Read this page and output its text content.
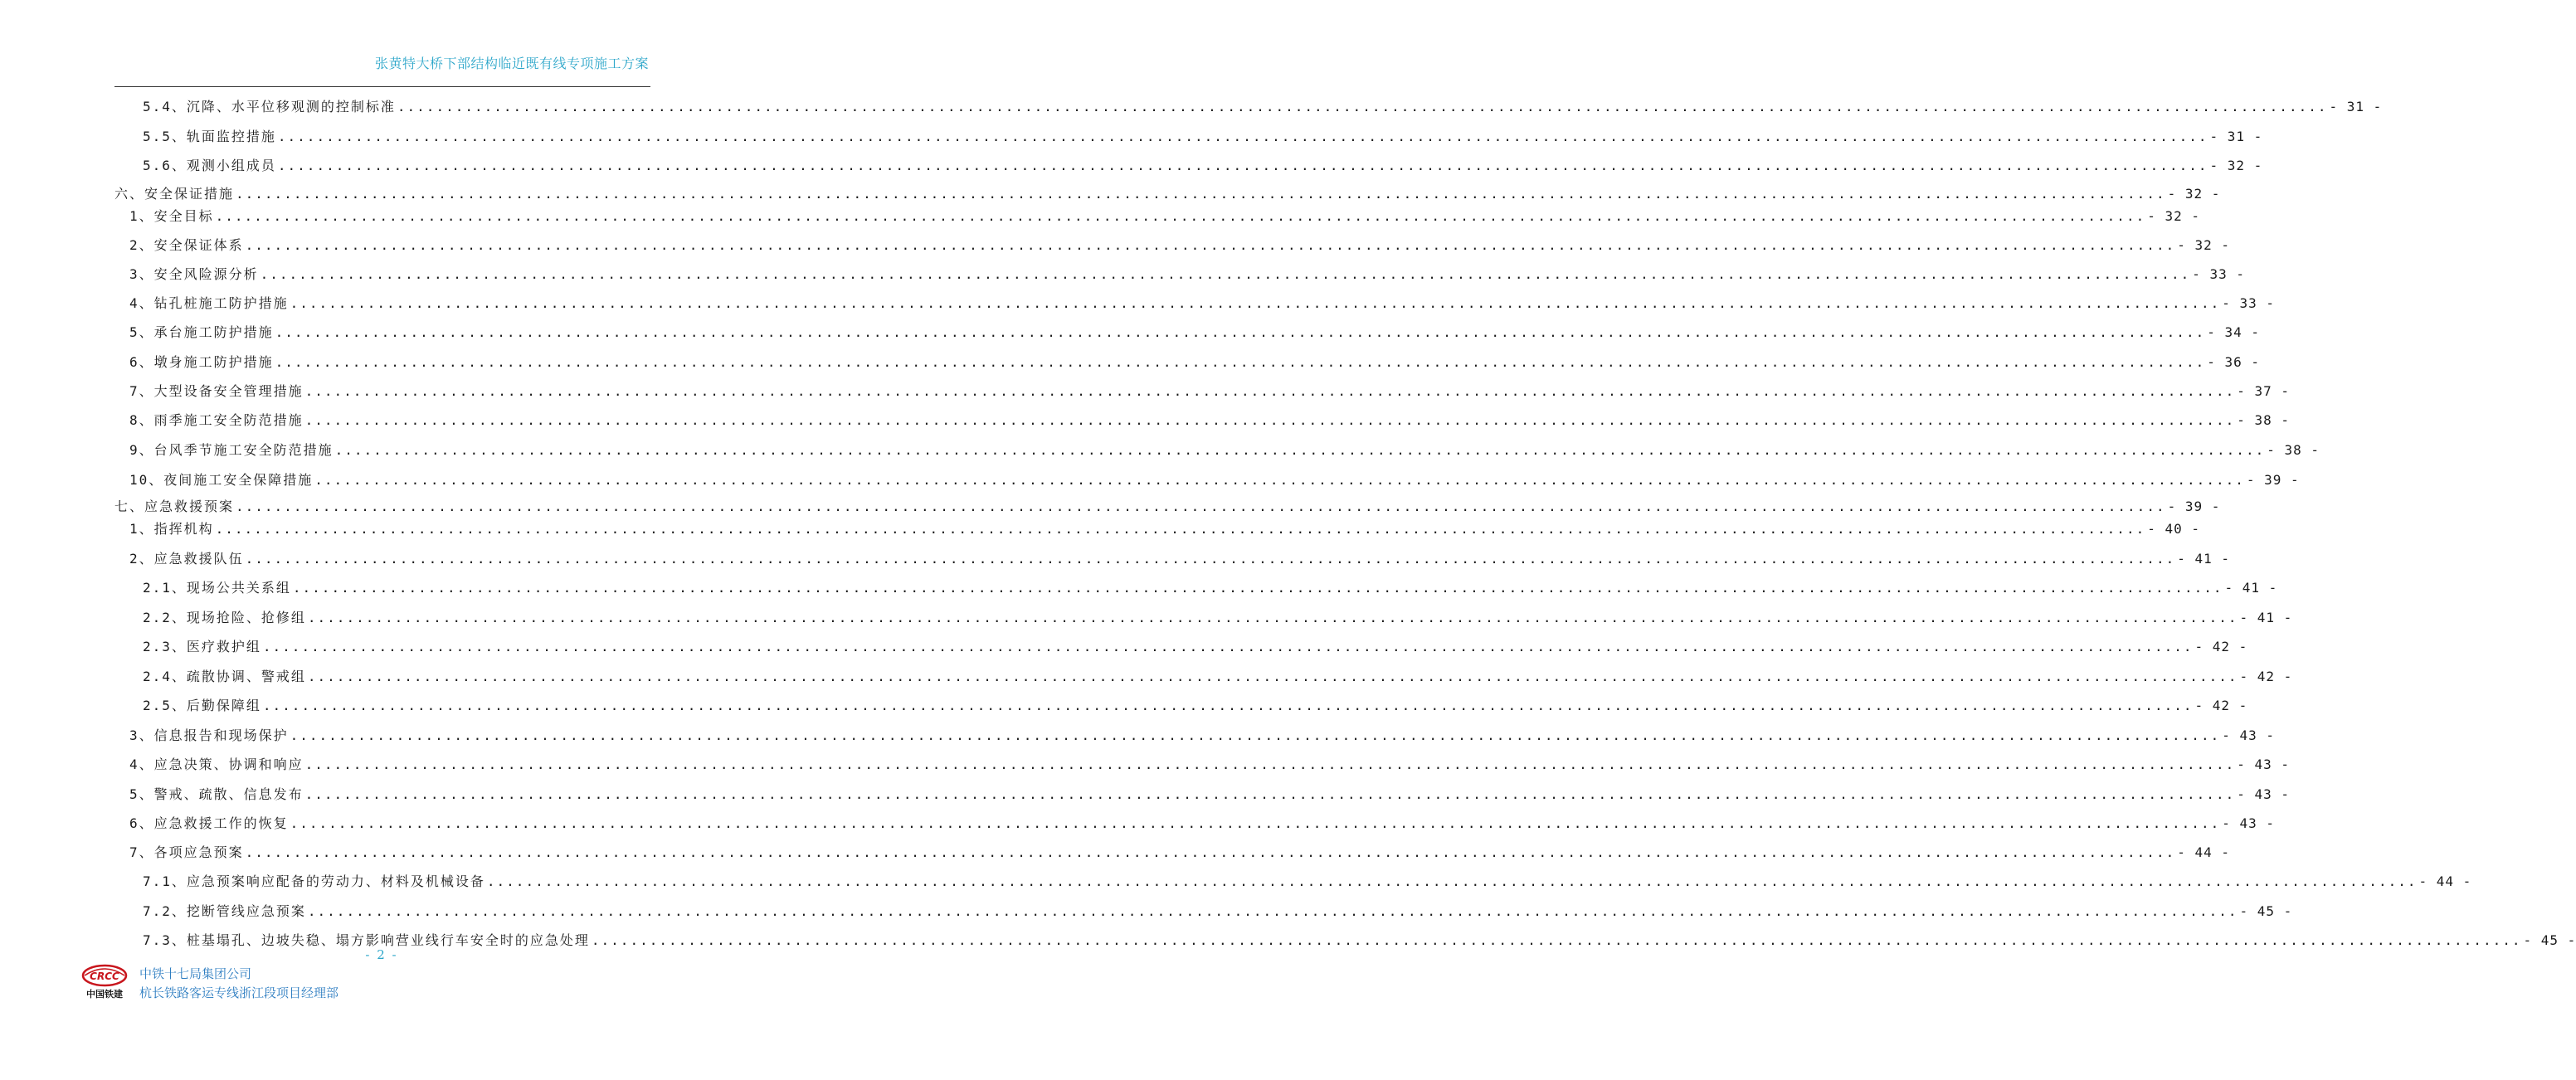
张黄特大桥下部结构临近既有线专项施工方案
5.4、沉降、水平位移观测的控制标准 ........................................................................................................................................................................................................ - 31 -
5.5、轨面监控措施 ........................................................................................................................................................................................................ - 31 -
5.6、观测小组成员 ........................................................................................................................................................................................................ - 32 -
六、安全保证措施 ........................................................................................................................................................................................................ - 32 -
1、安全目标 ........................................................................................................................................................................................................ - 32 -
2、安全保证体系 ........................................................................................................................................................................................................ - 32 -
3、安全风险源分析 ........................................................................................................................................................................................................ - 33 -
4、钻孔桩施工防护措施 ........................................................................................................................................................................................................ - 33 -
5、承台施工防护措施 ........................................................................................................................................................................................................ - 34 -
6、墩身施工防护措施 ........................................................................................................................................................................................................ - 36 -
7、大型设备安全管理措施 ........................................................................................................................................................................................................ - 37 -
8、雨季施工安全防范措施 ........................................................................................................................................................................................................ - 38 -
9、台风季节施工安全防范措施 ........................................................................................................................................................................................................ - 38 -
10、夜间施工安全保障措施 ........................................................................................................................................................................................................ - 39 -
七、应急救援预案 ........................................................................................................................................................................................................ - 39 -
1、指挥机构 ........................................................................................................................................................................................................ - 40 -
2、应急救援队伍 ........................................................................................................................................................................................................ - 41 -
2.1、现场公共关系组 ........................................................................................................................................................................................................ - 41 -
2.2、现场抢险、抢修组 ........................................................................................................................................................................................................ - 41 -
2.3、医疗救护组 ........................................................................................................................................................................................................ - 42 -
2.4、疏散协调、警戒组 ........................................................................................................................................................................................................ - 42 -
2.5、后勤保障组 ........................................................................................................................................................................................................ - 42 -
3、信息报告和现场保护 ........................................................................................................................................................................................................ - 43 -
4、应急决策、协调和响应 ........................................................................................................................................................................................................ - 43 -
5、警戒、疏散、信息发布 ........................................................................................................................................................................................................ - 43 -
6、应急救援工作的恢复 ........................................................................................................................................................................................................ - 43 -
7、各项应急预案 ........................................................................................................................................................................................................ - 44 -
7.1、应急预案响应配备的劳动力、材料及机械设备 ........................................................................................................................................................................................................ - 44 -
7.2、挖断管线应急预案 ........................................................................................................................................................................................................ - 45 -
7.3、桩基塌孔、边坡失稳、塌方影响营业线行车安全时的应急处理 ........................................................................................................................................................................................................ - 45 -
- 2 -
CRCC
中国铁建
中铁十七局集团公司
杭长铁路客运专线浙江段项目经理部
